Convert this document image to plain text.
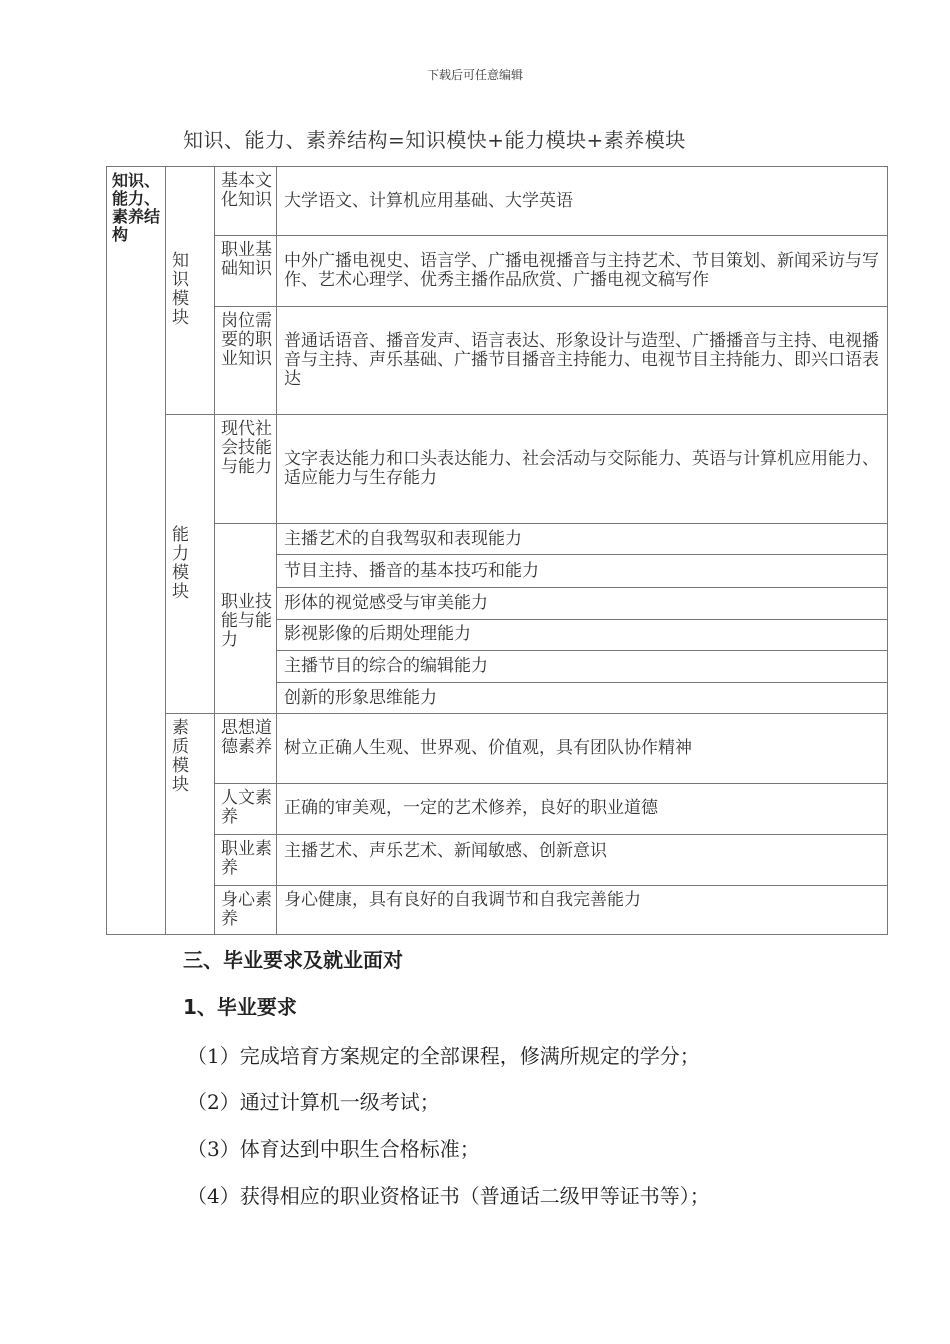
下载后可任意编辑
知识、能力、素养结构=知识模快+能力模块+素养模块
知识、能力、素养结构	知识模块	基本文化知识	大学语文、计算机应用基础、大学英语
		职业基础知识	中外广播电视史、语言学、广播电视播音与主持艺术、节目策划、新闻采访与写作、艺术心理学、优秀主播作品欣赏、广播电视文稿写作
		岗位需要的职业知识	普通话语音、播音发声、语言表达、形象设计与造型、广播播音与主持、电视播音与主持、声乐基础、广播节目播音主持能力、电视节目主持能力、即兴口语表达

	能力模块	现代社会技能与能力	文字表达能力和口头表达能力、社会活动与交际能力、英语与计算机应用能力、适应能力与生存能力
		职业技能与能力	主播艺术的自我驾驭和表现能力
			节目主持、播音的基本技巧和能力
			形体的视觉感受与审美能力
			影视影像的后期处理能力
			主播节目的综合的编辑能力
			创新的形象思维能力

	素质模块	思想道德素养	树立正确人生观、世界观、价值观，具有团队协作精神
		人文素养	正确的审美观，一定的艺术修养，良好的职业道德
		职业素养	主播艺术、声乐艺术、新闻敏感、创新意识
		身心素养	身心健康，具有良好的自我调节和自我完善能力
三、毕业要求及就业面对
1、毕业要求
（1）完成培育方案规定的全部课程，修满所规定的学分；
（2）通过计算机一级考试；
（3）体育达到中职生合格标准；
（4）获得相应的职业资格证书（普通话二级甲等证书等）；
